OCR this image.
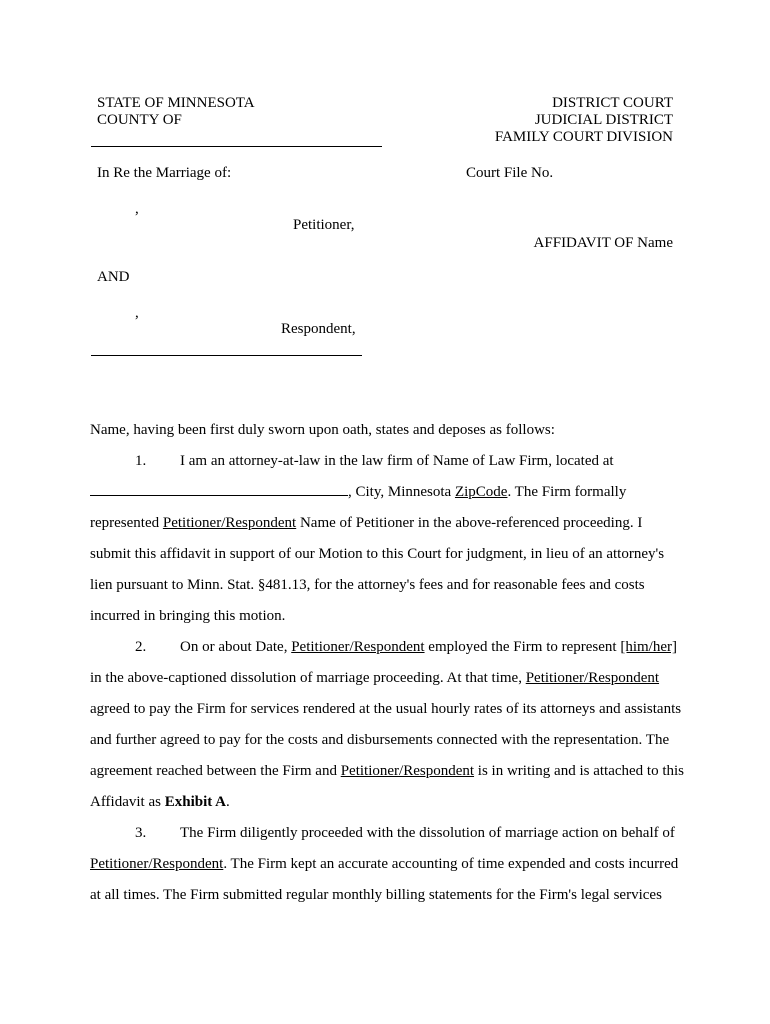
STATE OF MINNESOTA
COUNTY OF
DISTRICT COURT
JUDICIAL DISTRICT
FAMILY COURT DIVISION
In Re the Marriage of:	Court File No.
,
Petitioner,
AFFIDAVIT OF Name
AND
,
Respondent,
Name, having been first duly sworn upon oath, states and deposes as follows:
1. I am an attorney-at-law in the law firm of Name of Law Firm, located at
, City, Minnesota ZipCode. The Firm formally
represented Petitioner/Respondent Name of Petitioner in the above-referenced proceeding. I
submit this affidavit in support of our Motion to this Court for judgment, in lieu of an attorney's
lien pursuant to Minn. Stat. §481.13, for the attorney's fees and for reasonable fees and costs
incurred in bringing this motion.
2. On or about Date, Petitioner/Respondent employed the Firm to represent [him/her]
in the above-captioned dissolution of marriage proceeding. At that time, Petitioner/Respondent
agreed to pay the Firm for services rendered at the usual hourly rates of its attorneys and assistants
and further agreed to pay for the costs and disbursements connected with the representation. The
agreement reached between the Firm and Petitioner/Respondent is in writing and is attached to this
Affidavit as Exhibit A.
3. The Firm diligently proceeded with the dissolution of marriage action on behalf of
Petitioner/Respondent. The Firm kept an accurate accounting of time expended and costs incurred
at all times. The Firm submitted regular monthly billing statements for the Firm's legal services
